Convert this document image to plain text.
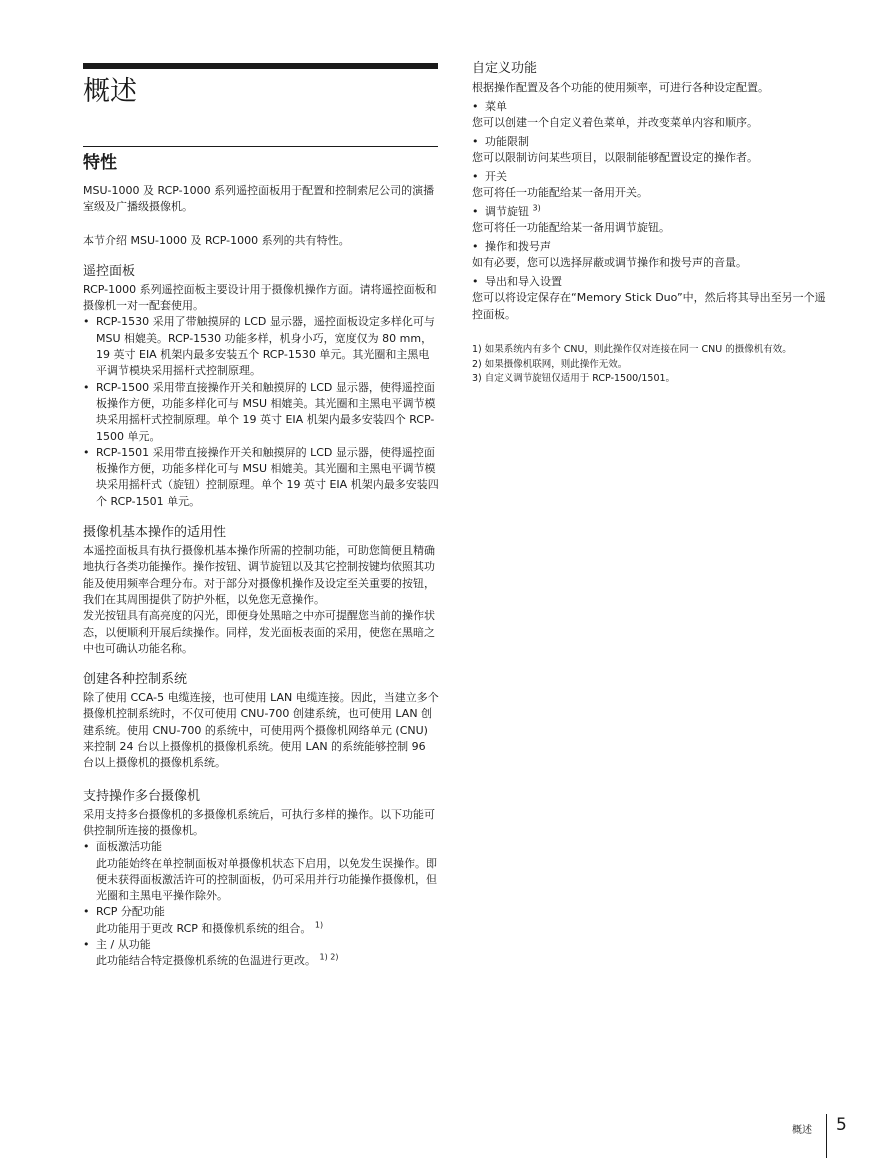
概述
特性

MSU-1000 及 RCP-1000 系列遥控面板用于配置和控制索尼公司的演播室级及广播级摄像机。

本节介绍 MSU-1000 及 RCP-1000 系列的共有特性。

遥控面板

RCP-1000 系列遥控面板主要设计用于摄像机操作方面。请将遥控面板和摄像机一对一配套使用。

• RCP-1530 采用了带触摸屏的 LCD 显示器，遥控面板设定多样化可与 MSU 相媲美。RCP-1530 功能多样，机身小巧，宽度仅为 80 mm，19 英寸 EIA 机架内最多安装五个 RCP-1530 单元。其光圈和主黑电平调节模块采用摇杆式控制原理。
• RCP-1500 采用带直接操作开关和触摸屏的 LCD 显示器，使得遥控面板操作方便，功能多样化可与 MSU 相媲美。其光圈和主黑电平调节模块采用摇杆式控制原理。单个 19 英寸 EIA 机架内最多安装四个 RCP-1500 单元。
• RCP-1501 采用带直接操作开关和触摸屏的 LCD 显示器，使得遥控面板操作方便，功能多样化可与 MSU 相媲美。其光圈和主黑电平调节模块采用摇杆式（旋钮）控制原理。单个 19 英寸 EIA 机架内最多安装四个 RCP-1501 单元。
摄像机基本操作的适用性

本遥控面板具有执行摄像机基本操作所需的控制功能，可助您简便且精确地执行各类功能操作。操作按钮、调节旋钮以及其它控制按键均依照其功能及使用频率合理分布。对于部分对摄像机操作及设定至关重要的按钮，我们在其周围提供了防护外框，以免您无意操作。

发光按钮具有高亮度的闪光，即便身处黑暗之中亦可提醒您当前的操作状态，以便顺利开展后续操作。同样，发光面板表面的采用，使您在黑暗之中也可确认功能名称。

创建各种控制系统

除了使用 CCA-5 电缆连接，也可使用 LAN 电缆连接。因此，当建立多个摄像机控制系统时，不仅可使用 CNU-700 创建系统，也可使用 LAN 创建系统。使用 CNU-700 的系统中，可使用两个摄像机网络单元 (CNU) 来控制 24 台以上摄像机的摄像机系统。使用 LAN 的系统能够控制 96 台以上摄像机的摄像机系统。

支持操作多台摄像机

采用支持多台摄像机的多摄像机系统后，可执行多样的操作。以下功能可供控制所连接的摄像机。

• 面板激活功能
此功能始终在单控制面板对单摄像机状态下启用，以免发生误操作。即便未获得面板激活许可的控制面板，仍可采用并行功能操作摄像机，但光圈和主黑电平操作除外。
• RCP 分配功能
此功能用于更改 RCP 和摄像机系统的组合。 $^{1)}$
• 主 / 从功能
此功能结合特定摄像机系统的色温进行更改。 $^{1) 2)}$
自定义功能
根据操作配置及各个功能的使用频率，可进行各种设定配置。
• 菜单
您可以创建一个自定义着色菜单，并改变菜单内容和顺序。
• 功能限制
您可以限制访问某些项目，以限制能够配置设定的操作者。
• 开关
您可将任一功能配给某一备用开关。
• 调节旋钮 $^{3)}$
您可将任一功能配给某一备用调节旋钮。
• 操作和拨号声
如有必要，您可以选择屏蔽或调节操作和拨号声的音量。
• 导出和导入设置
您可以将设定保存在“Memory Stick Duo”中，然后将其导出至另一个遥控面板。
1) 如果系统内有多个 CNU，则此操作仅对连接在同一 CNU 的摄像机有效。
2) 如果摄像机联网，则此操作无效。
3) 自定义调节旋钮仅适用于 RCP-1500/1501。
概述 5
